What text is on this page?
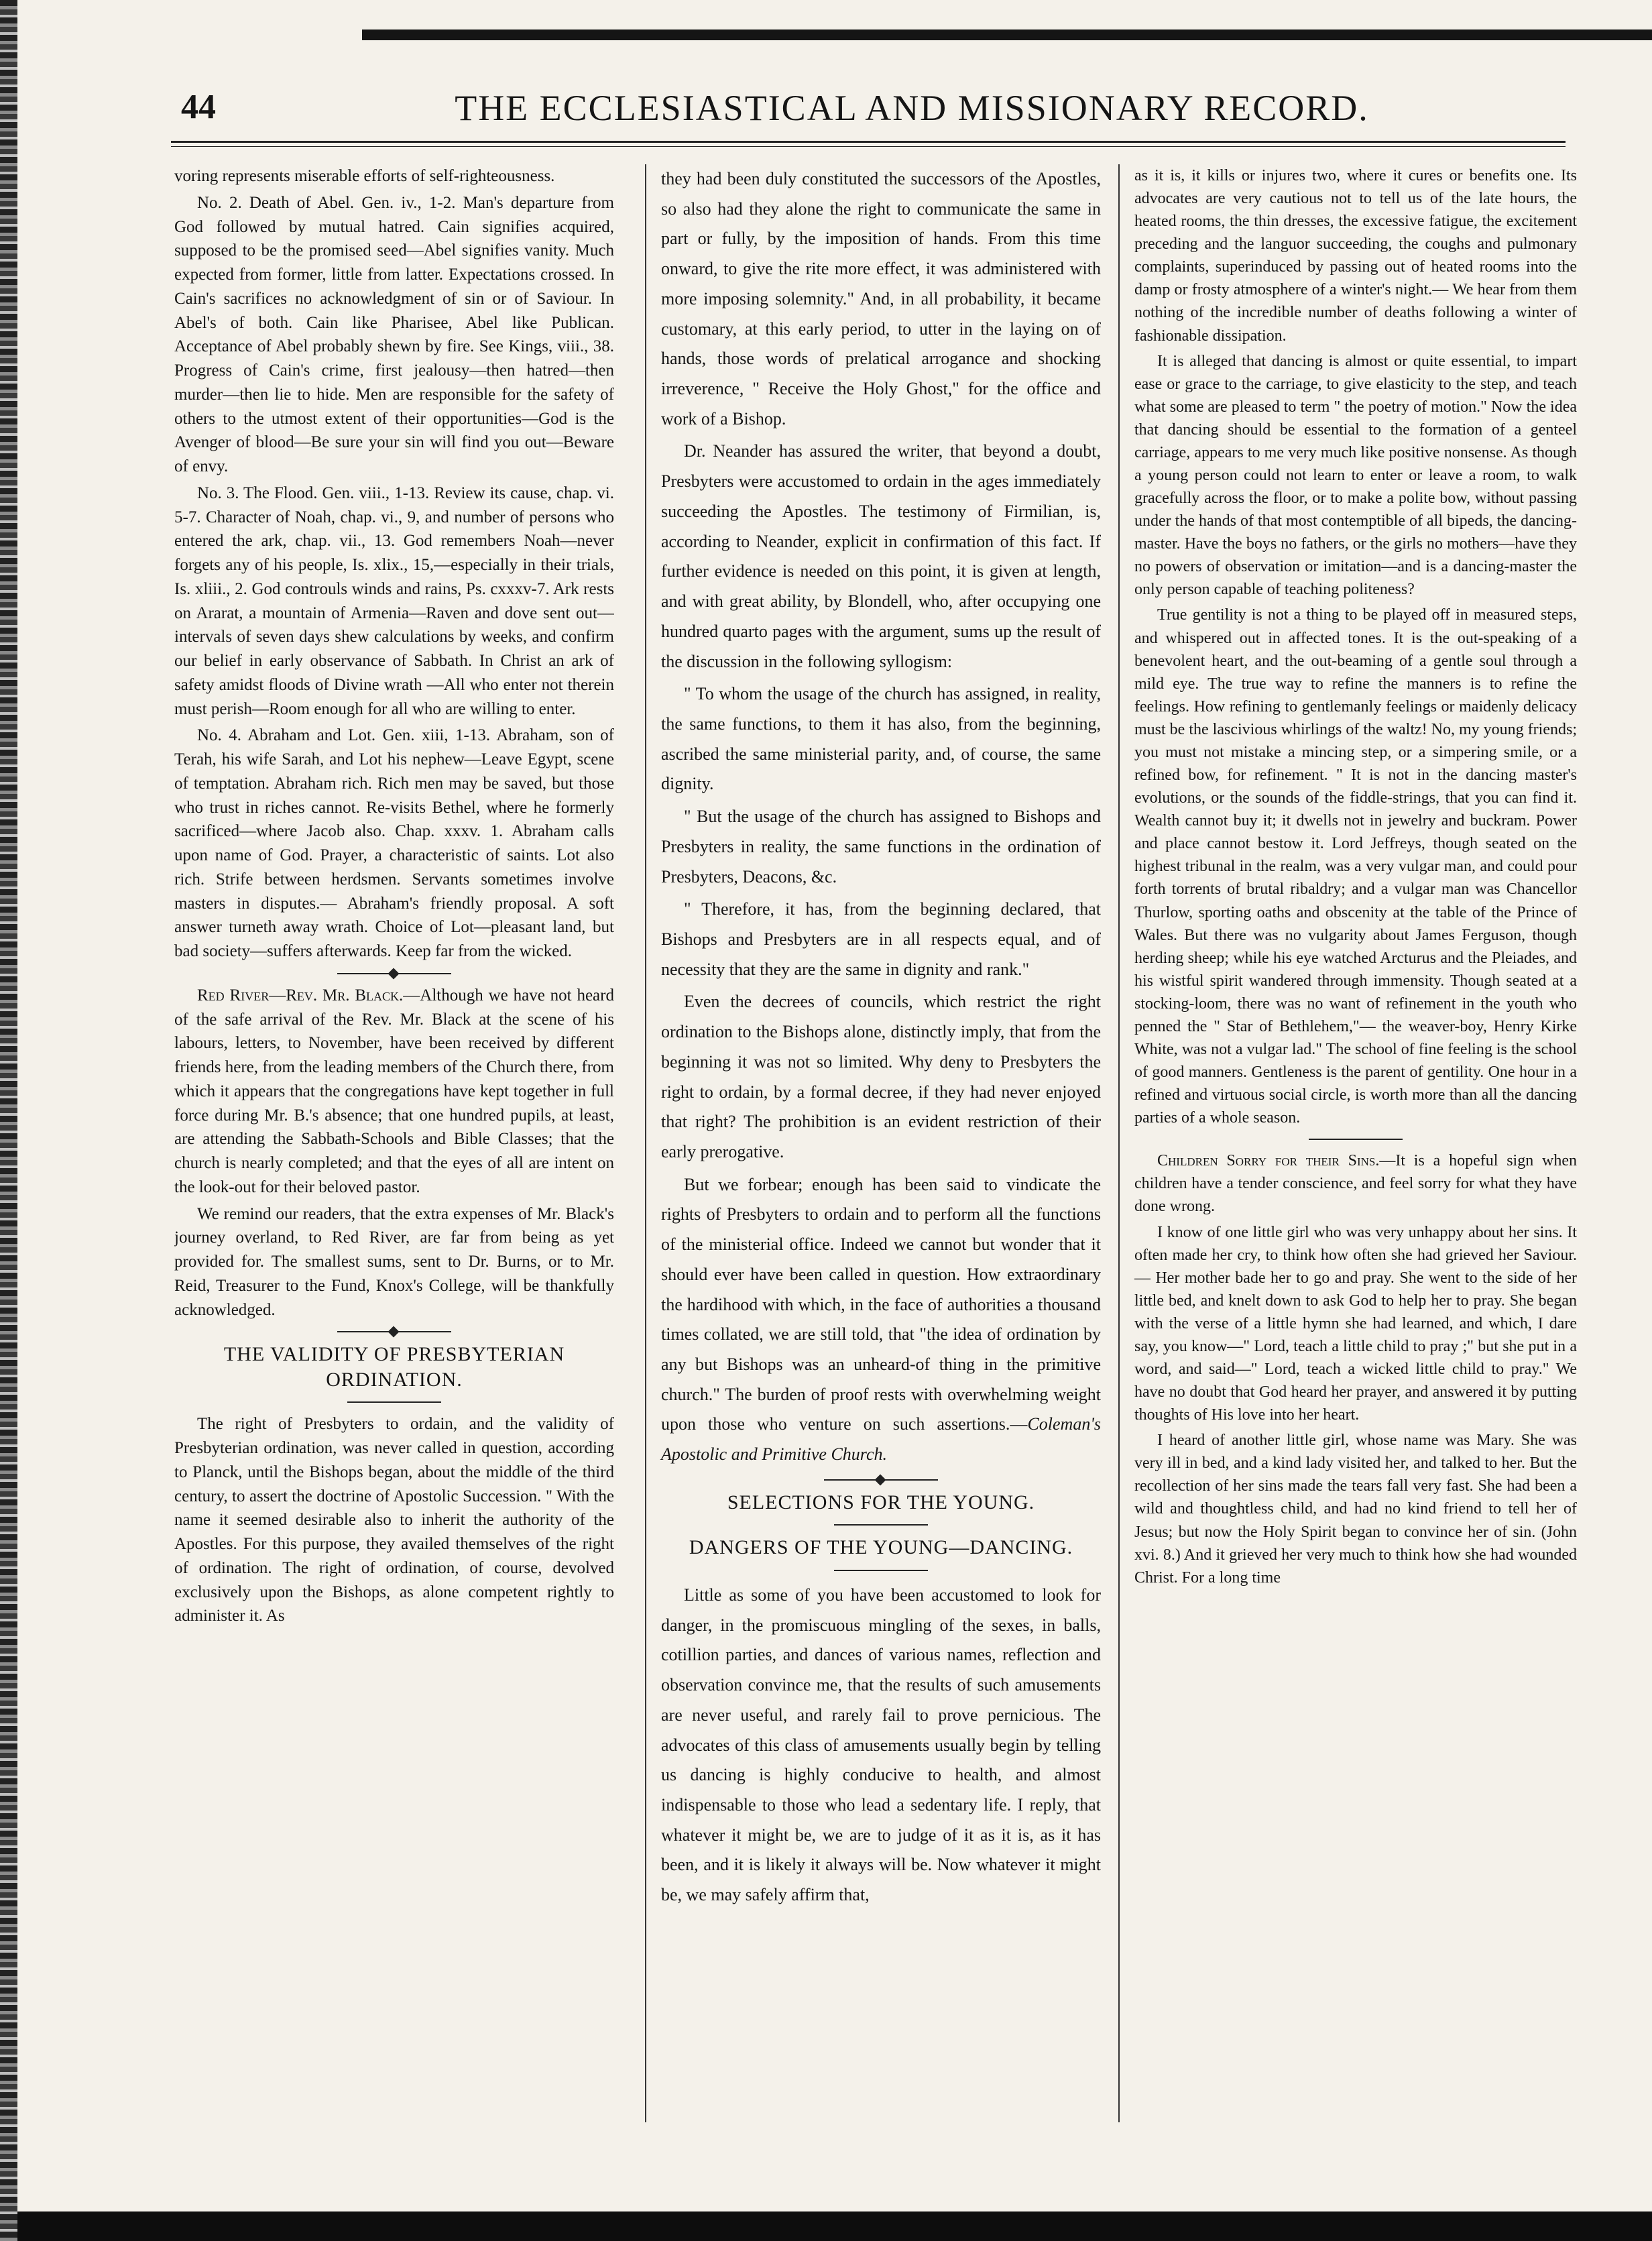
44	THE ECCLESIASTICAL AND MISSIONARY RECORD.

voring represents miserable efforts of self-righteousness.

No. 2. Death of Abel. Gen. iv., 1-2. Man's departure from God followed by mutual hatred. Cain signifies acquired, supposed to be the promised seed—Abel signifies vanity. Much expected from former, little from latter. Expectations crossed. In Cain's sacrifices no acknowledgment of sin or of Saviour. In Abel's of both. Cain like Pharisee, Abel like Publican. Acceptance of Abel probably shewn by fire. See Kings, viii., 38. Progress of Cain's crime, first jealousy—then hatred—then murder—then lie to hide. Men are responsible for the safety of others to the utmost extent of their opportunities—God is the Avenger of blood—Be sure your sin will find you out—Beware of envy.

No. 3. The Flood. Gen. viii., 1-13. Review its cause, chap. vi. 5-7. Character of Noah, chap. vi., 9, and number of persons who entered the ark, chap. vii., 13. God remembers Noah—never forgets any of his people, Is. xlix., 15,—especially in their trials, Is. xliii., 2. God controuls winds and rains, Ps. cxxxv-7. Ark rests on Ararat, a mountain of Armenia—Raven and dove sent out—intervals of seven days shew calculations by weeks, and confirm our belief in early observance of Sabbath. In Christ an ark of safety amidst floods of Divine wrath —All who enter not therein must perish—Room enough for all who are willing to enter.

No. 4. Abraham and Lot. Gen. xiii, 1-13. Abraham, son of Terah, his wife Sarah, and Lot his nephew—Leave Egypt, scene of temptation. Abraham rich. Rich men may be saved, but those who trust in riches cannot. Re-visits Bethel, where he formerly sacrificed—where Jacob also. Chap. xxxv. 1. Abraham calls upon name of God. Prayer, a characteristic of saints. Lot also rich. Strife between herdsmen. Servants sometimes involve masters in disputes.— Abraham's friendly proposal. A soft answer turneth away wrath. Choice of Lot—pleasant land, but bad society—suffers afterwards. Keep far from the wicked.

Red River—Rev. Mr. Black.—Although we have not heard of the safe arrival of the Rev. Mr. Black at the scene of his labours, letters, to November, have been received by different friends here, from the leading members of the Church there, from which it appears that the congregations have kept together in full force during Mr. B.'s absence; that one hundred pupils, at least, are attending the Sabbath-Schools and Bible Classes; that the church is nearly completed; and that the eyes of all are intent on the look-out for their beloved pastor.

We remind our readers, that the extra expenses of Mr. Black's journey overland, to Red River, are far from being as yet provided for. The smallest sums, sent to Dr. Burns, or to Mr. Reid, Treasurer to the Fund, Knox's College, will be thankfully acknowledged.

THE VALIDITY OF PRESBYTERIAN ORDINATION.

The right of Presbyters to ordain, and the validity of Presbyterian ordination, was never called in question, according to Planck, until the Bishops began, about the middle of the third century, to assert the doctrine of Apostolic Succession. " With the name it seemed desirable also to inherit the authority of the Apostles. For this purpose, they availed themselves of the right of ordination. The right of ordination, of course, devolved exclusively upon the Bishops, as alone competent rightly to administer it. As

they had been duly constituted the successors of the Apostles, so also had they alone the right to communicate the same in part or fully, by the imposition of hands. From this time onward, to give the rite more effect, it was administered with more imposing solemnity." And, in all probability, it became customary, at this early period, to utter in the laying on of hands, those words of prelatical arrogance and shocking irreverence, " Receive the Holy Ghost," for the office and work of a Bishop.

Dr. Neander has assured the writer, that beyond a doubt, Presbyters were accustomed to ordain in the ages immediately succeeding the Apostles. The testimony of Firmilian, is, according to Neander, explicit in confirmation of this fact. If further evidence is needed on this point, it is given at length, and with great ability, by Blondell, who, after occupying one hundred quarto pages with the argument, sums up the result of the discussion in the following syllogism:

" To whom the usage of the church has assigned, in reality, the same functions, to them it has also, from the beginning, ascribed the same ministerial parity, and, of course, the same dignity.

" But the usage of the church has assigned to Bishops and Presbyters in reality, the same functions in the ordination of Presbyters, Deacons, &c.

" Therefore, it has, from the beginning declared, that Bishops and Presbyters are in all respects equal, and of necessity that they are the same in dignity and rank."

Even the decrees of councils, which restrict the right ordination to the Bishops alone, distinctly imply, that from the beginning it was not so limited. Why deny to Presbyters the right to ordain, by a formal decree, if they had never enjoyed that right? The prohibition is an evident restriction of their early prerogative.

But we forbear; enough has been said to vindicate the rights of Presbyters to ordain and to perform all the functions of the ministerial office. Indeed we cannot but wonder that it should ever have been called in question. How extraordinary the hardihood with which, in the face of authorities a thousand times collated, we are still told, that "the idea of ordination by any but Bishops was an unheard-of thing in the primitive church." The burden of proof rests with overwhelming weight upon those who venture on such assertions.—Coleman's Apostolic and Primitive Church.

SELECTIONS FOR THE YOUNG.
DANGERS OF THE YOUNG—DANCING.

Little as some of you have been accustomed to look for danger, in the promiscuous mingling of the sexes, in balls, cotillion parties, and dances of various names, reflection and observation convince me, that the results of such amusements are never useful, and rarely fail to prove pernicious. The advocates of this class of amusements usually begin by telling us dancing is highly conducive to health, and almost indispensable to those who lead a sedentary life. I reply, that whatever it might be, we are to judge of it as it is, as it has been, and it is likely it always will be. Now whatever it might be, we may safely affirm that,

as it is, it kills or injures two, where it cures or benefits one. Its advocates are very cautious not to tell us of the late hours, the heated rooms, the thin dresses, the excessive fatigue, the excitement preceding and the languor succeeding, the coughs and pulmonary complaints, superinduced by passing out of heated rooms into the damp or frosty atmosphere of a winter's night.— We hear from them nothing of the incredible number of deaths following a winter of fashionable dissipation.

It is alleged that dancing is almost or quite essential, to impart ease or grace to the carriage, to give elasticity to the step, and teach what some are pleased to term " the poetry of motion." Now the idea that dancing should be essential to the formation of a genteel carriage, appears to me very much like positive nonsense. As though a young person could not learn to enter or leave a room, to walk gracefully across the floor, or to make a polite bow, without passing under the hands of that most contemptible of all bipeds, the dancing-master. Have the boys no fathers, or the girls no mothers—have they no powers of observation or imitation—and is a dancing-master the only person capable of teaching politeness?

True gentility is not a thing to be played off in measured steps, and whispered out in affected tones. It is the out-speaking of a benevolent heart, and the out-beaming of a gentle soul through a mild eye. The true way to refine the manners is to refine the feelings. How refining to gentlemanly feelings or maidenly delicacy must be the lascivious whirlings of the waltz! No, my young friends; you must not mistake a mincing step, or a simpering smile, or a refined bow, for refinement. " It is not in the dancing master's evolutions, or the sounds of the fiddle-strings, that you can find it. Wealth cannot buy it; it dwells not in jewelry and buckram. Power and place cannot bestow it. Lord Jeffreys, though seated on the highest tribunal in the realm, was a very vulgar man, and could pour forth torrents of brutal ribaldry; and a vulgar man was Chancellor Thurlow, sporting oaths and obscenity at the table of the Prince of Wales. But there was no vulgarity about James Ferguson, though herding sheep; while his eye watched Arcturus and the Pleiades, and his wistful spirit wandered through immensity. Though seated at a stocking-loom, there was no want of refinement in the youth who penned the " Star of Bethlehem,"— the weaver-boy, Henry Kirke White, was not a vulgar lad." The school of fine feeling is the school of good manners. Gentleness is the parent of gentility. One hour in a refined and virtuous social circle, is worth more than all the dancing parties of a whole season.

Children Sorry for their Sins.—It is a hopeful sign when children have a tender conscience, and feel sorry for what they have done wrong.

I know of one little girl who was very unhappy about her sins. It often made her cry, to think how often she had grieved her Saviour.— Her mother bade her to go and pray. She went to the side of her little bed, and knelt down to ask God to help her to pray. She began with the verse of a little hymn she had learned, and which, I dare say, you know—" Lord, teach a little child to pray ;" but she put in a word, and said—" Lord, teach a wicked little child to pray." We have no doubt that God heard her prayer, and answered it by putting thoughts of His love into her heart.

I heard of another little girl, whose name was Mary. She was very ill in bed, and a kind lady visited her, and talked to her. But the recollection of her sins made the tears fall very fast. She had been a wild and thoughtless child, and had no kind friend to tell her of Jesus; but now the Holy Spirit began to convince her of sin. (John xvi. 8.) And it grieved her very much to think how she had wounded Christ. For a long time
